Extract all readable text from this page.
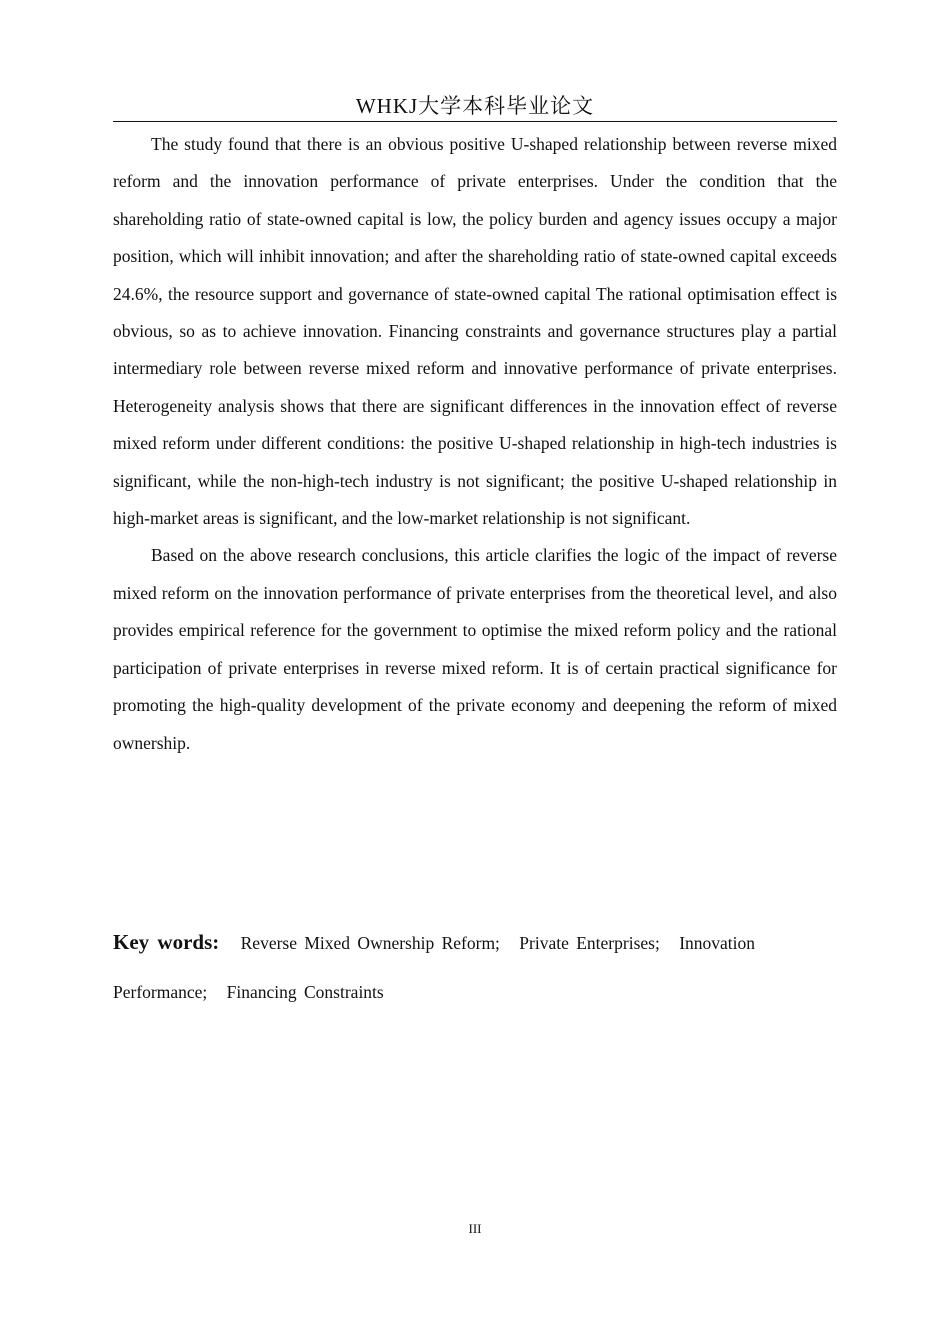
WHKJ大学本科毕业论文

The study found that there is an obvious positive U-shaped relationship between reverse mixed reform and the innovation performance of private enterprises. Under the condition that the shareholding ratio of state-owned capital is low, the policy burden and agency issues occupy a major position, which will inhibit innovation; and after the shareholding ratio of state-owned capital exceeds 24.6%, the resource support and governance of state-owned capital The rational optimisation effect is obvious, so as to achieve innovation. Financing constraints and governance structures play a partial intermediary role between reverse mixed reform and innovative performance of private enterprises. Heterogeneity analysis shows that there are significant differences in the innovation effect of reverse mixed reform under different conditions: the positive U-shaped relationship in high-tech industries is significant, while the non-high-tech industry is not significant; the positive U-shaped relationship in high-market areas is significant, and the low-market relationship is not significant.

Based on the above research conclusions, this article clarifies the logic of the impact of reverse mixed reform on the innovation performance of private enterprises from the theoretical level, and also provides empirical reference for the government to optimise the mixed reform policy and the rational participation of private enterprises in reverse mixed reform. It is of certain practical significance for promoting the high-quality development of the private economy and deepening the reform of mixed ownership.

Key words: Reverse Mixed Ownership Reform; Private Enterprises; Innovation Performance; Financing Constraints
III
